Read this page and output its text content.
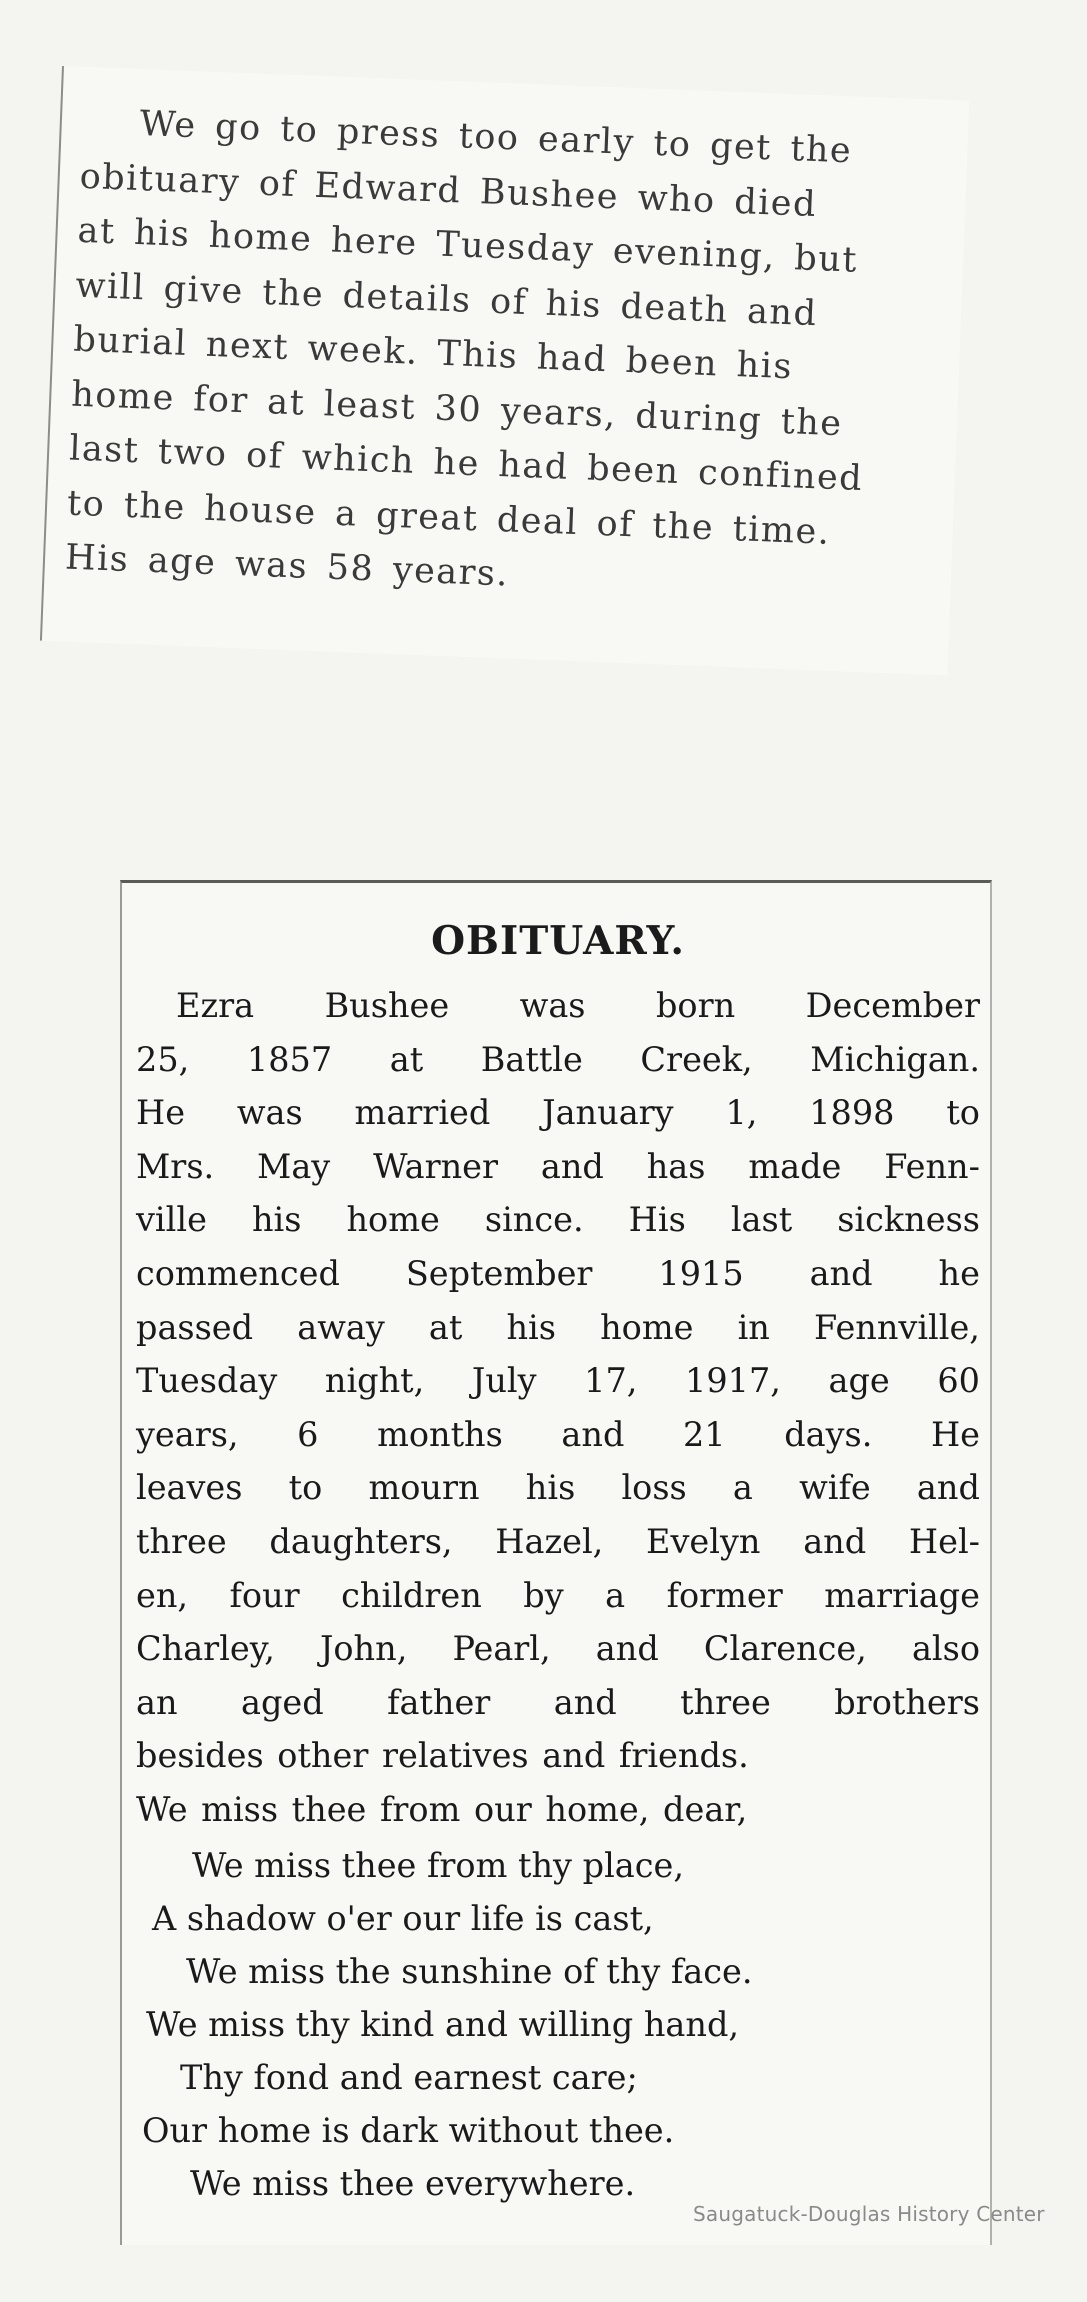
We go to press too early to get the
obituary of Edward Bushee who died
at his home here Tuesday evening, but
will give the details of his death and
burial next week. This had been his
home for at least 30 years, during the
last two of which he had been confined
to the house a great deal of the time.
His age was 58 years.
OBITUARY.
Ezra Bushee was born December
25, 1857 at Battle Creek, Michigan.
He was married January 1, 1898 to
Mrs. May Warner and has made Fenn-
ville his home since. His last sickness
commenced September 1915 and he
passed away at his home in Fennville,
Tuesday night, July 17, 1917, age 60
years, 6 months and 21 days. He
leaves to mourn his loss a wife and
three daughters, Hazel, Evelyn and Hel-
en, four children by a former marriage
Charley, John, Pearl, and Clarence, also
an aged father and three brothers
besides other relatives and friends.
We miss thee from our home, dear,
We miss thee from thy place,
A shadow o'er our life is cast,
We miss the sunshine of thy face.
We miss thy kind and willing hand,
Thy fond and earnest care;
Our home is dark without thee.
We miss thee everywhere.
Saugatuck-Douglas History Center
